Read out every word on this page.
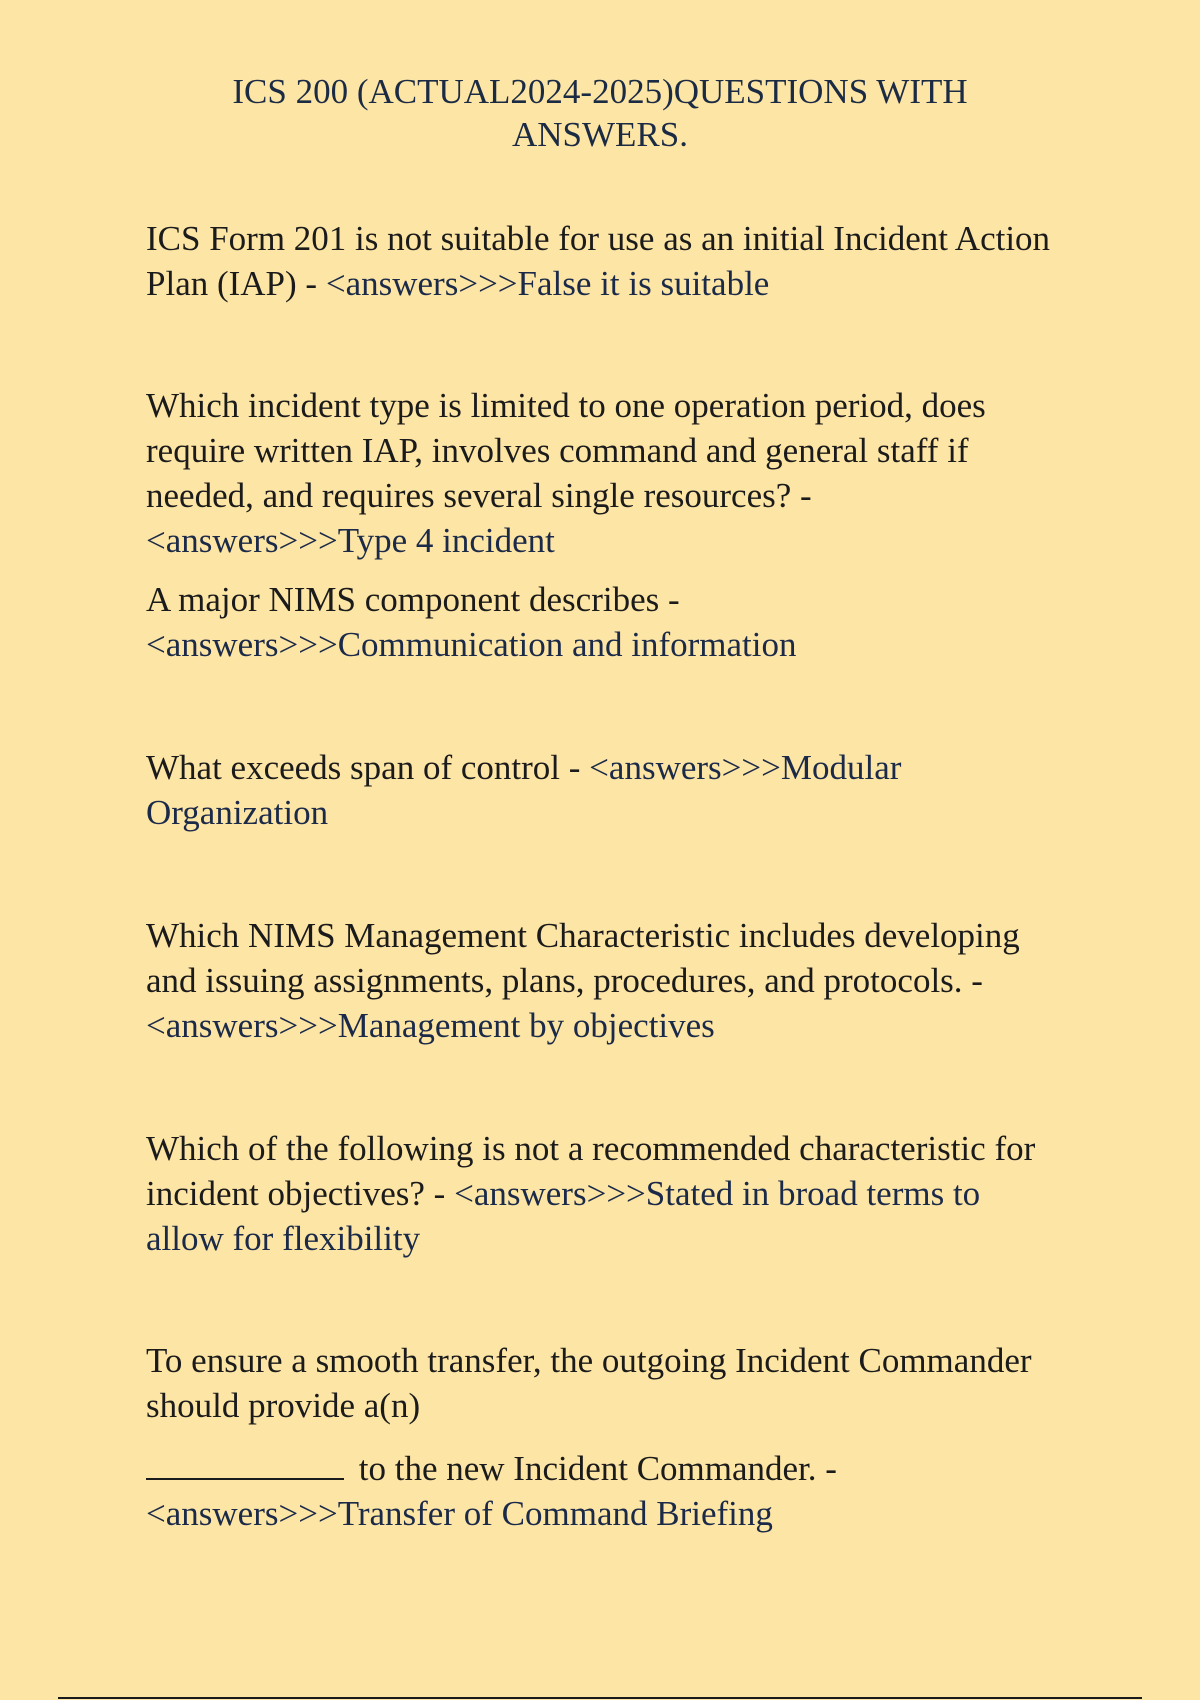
ICS 200 (ACTUAL2024-2025)QUESTIONS WITH
ANSWERS.

ICS Form 201 is not suitable for use as an initial Incident Action Plan (IAP) - <answers>>>False it is suitable

Which incident type is limited to one operation period, does require written IAP, involves command and general staff if needed, and requires several single resources? - <answers>>>Type 4 incident

A major NIMS component describes -
<answers>>>Communication and information

What exceeds span of control - <answers>>>Modular Organization

Which NIMS Management Characteristic includes developing and issuing assignments, plans, procedures, and protocols. - <answers>>>Management by objectives

Which of the following is not a recommended characteristic for incident objectives? - <answers>>>Stated in broad terms to allow for flexibility

To ensure a smooth transfer, the outgoing Incident Commander should provide a(n)

to the new Incident Commander. -
<answers>>>Transfer of Command Briefing
